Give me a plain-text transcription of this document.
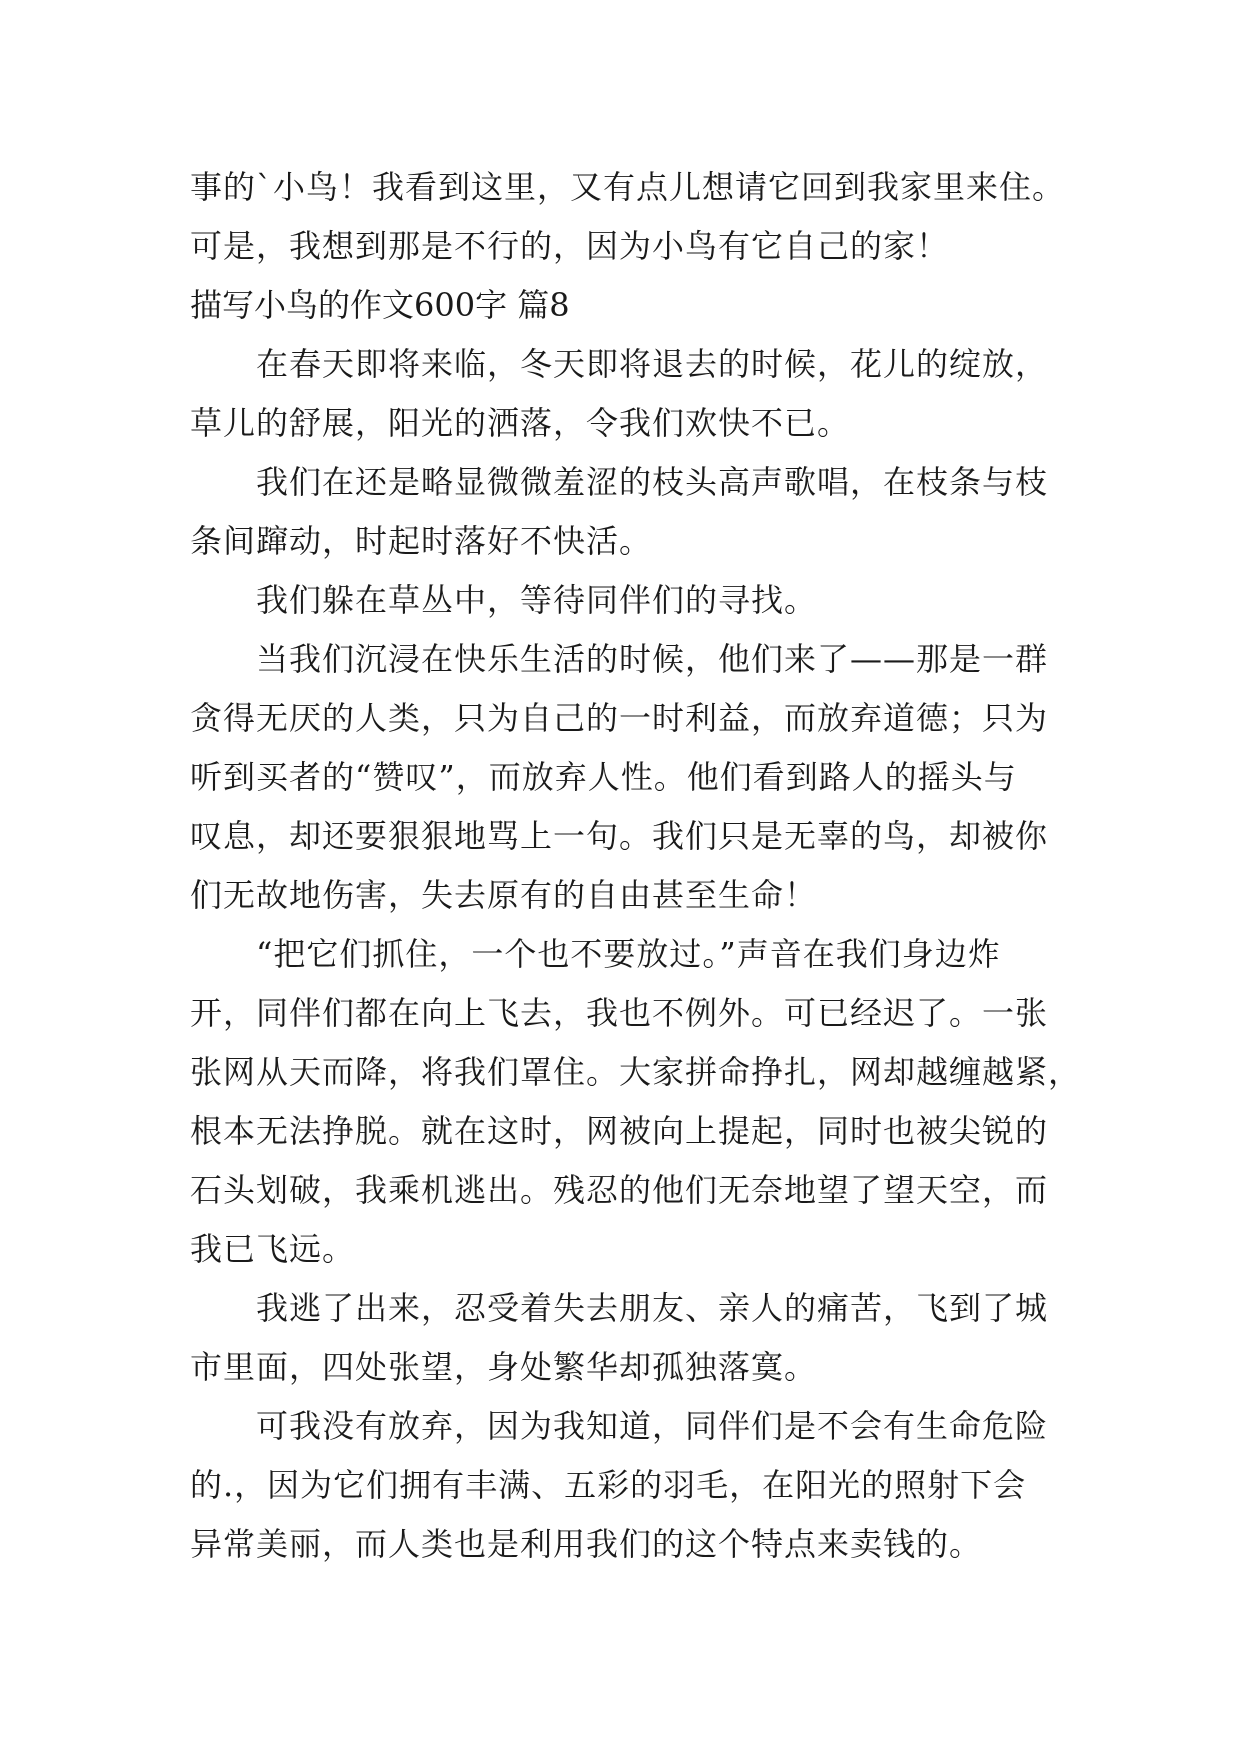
事的`小鸟！我看到这里，又有点儿想请它回到我家里来住。
可是，我想到那是不行的，因为小鸟有它自己的家！
描写小鸟的作文600字 篇8
在春天即将来临，冬天即将退去的时候，花儿的绽放，
草儿的舒展，阳光的洒落，令我们欢快不已。
我们在还是略显微微羞涩的枝头高声歌唱，在枝条与枝
条间蹿动，时起时落好不快活。
我们躲在草丛中，等待同伴们的寻找。
当我们沉浸在快乐生活的时候，他们来了——那是一群
贪得无厌的人类，只为自己的一时利益，而放弃道德；只为
听到买者的“赞叹”，而放弃人性。他们看到路人的摇头与
叹息，却还要狠狠地骂上一句。我们只是无辜的鸟，却被你
们无故地伤害，失去原有的自由甚至生命！
“把它们抓住，一个也不要放过。”声音在我们身边炸
开，同伴们都在向上飞去，我也不例外。可已经迟了。一张
张网从天而降，将我们罩住。大家拼命挣扎，网却越缠越紧，
根本无法挣脱。就在这时，网被向上提起，同时也被尖锐的
石头划破，我乘机逃出。残忍的他们无奈地望了望天空，而
我已飞远。
我逃了出来，忍受着失去朋友、亲人的痛苦，飞到了城
市里面，四处张望，身处繁华却孤独落寞。
可我没有放弃，因为我知道，同伴们是不会有生命危险
的.，因为它们拥有丰满、五彩的羽毛，在阳光的照射下会
异常美丽，而人类也是利用我们的这个特点来卖钱的。
